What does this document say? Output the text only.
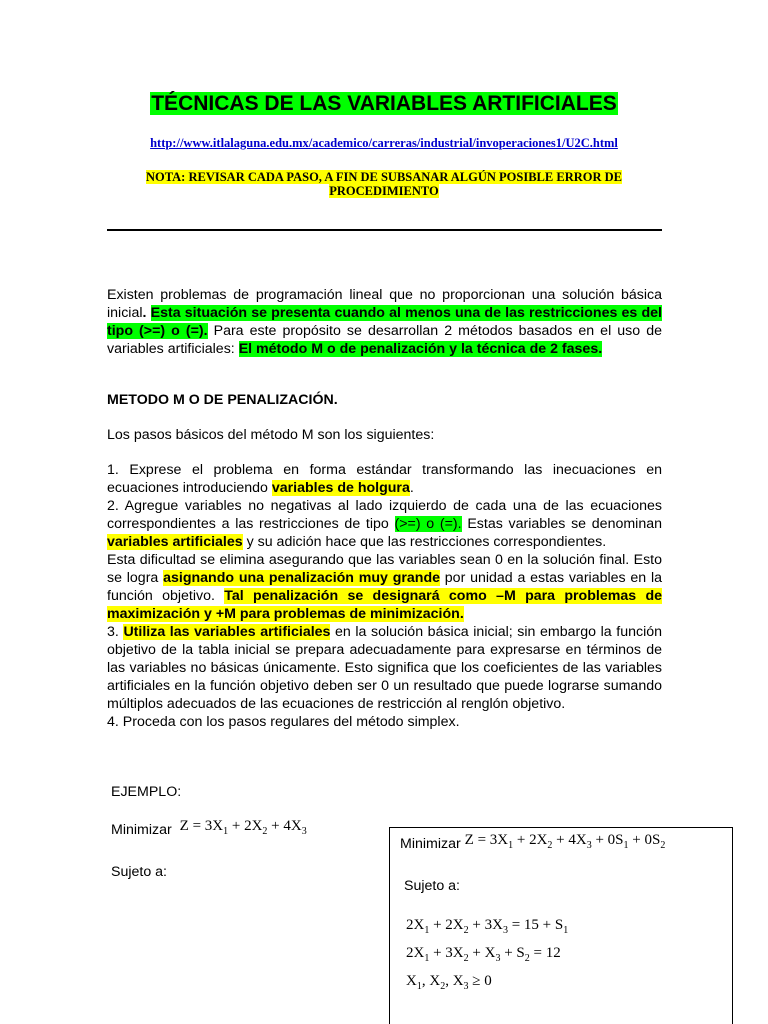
TÉCNICAS DE LAS VARIABLES ARTIFICIALES
http://www.itlalaguna.edu.mx/academico/carreras/industrial/invoperaciones1/U2C.html
NOTA: REVISAR CADA PASO, A FIN DE SUBSANAR ALGÚN POSIBLE ERROR DE PROCEDIMIENTO
Existen problemas de programación lineal que no proporcionan una solución básica inicial. Esta situación se presenta cuando al menos una de las restricciones es del tipo (>=) o (=). Para este propósito se desarrollan 2 métodos basados en el uso de variables artificiales: El método M o de penalización y la técnica de 2 fases.
METODO M O DE PENALIZACIÓN.
Los pasos básicos del método M son los siguientes:
1. Exprese el problema en forma estándar transformando las inecuaciones en ecuaciones introduciendo variables de holgura.
2. Agregue variables no negativas al lado izquierdo de cada una de las ecuaciones correspondientes a las restricciones de tipo (>=) o (=). Estas variables se denominan variables artificiales y su adición hace que las restricciones correspondientes.
Esta dificultad se elimina asegurando que las variables sean 0 en la solución final. Esto se logra asignando una penalización muy grande por unidad a estas variables en la función objetivo. Tal penalización se designará como –M para problemas de maximización y +M para problemas de minimización.
3. Utiliza las variables artificiales en la solución básica inicial; sin embargo la función objetivo de la tabla inicial se prepara adecuadamente para expresarse en términos de las variables no básicas únicamente. Esto significa que los coeficientes de las variables artificiales en la función objetivo deben ser 0 un resultado que puede lograrse sumando múltiplos adecuados de las ecuaciones de restricción al renglón objetivo.
4. Proceda con los pasos regulares del método simplex.
EJEMPLO:
Minimizar $Z = 3X_1 + 2X_2 + 4X_3$
Sujeto a:
Minimizar $Z = 3X_1 + 2X_2 + 4X_3 + 0S_1 + 0S_2$
Sujeto a:
$2X_1 + 2X_2 + 3X_3 = 15 + S_1$
$2X_1 + 3X_2 + X_3 + S_2 = 12$
$X_1$, $X_2$, $X_3 \ge 0$
